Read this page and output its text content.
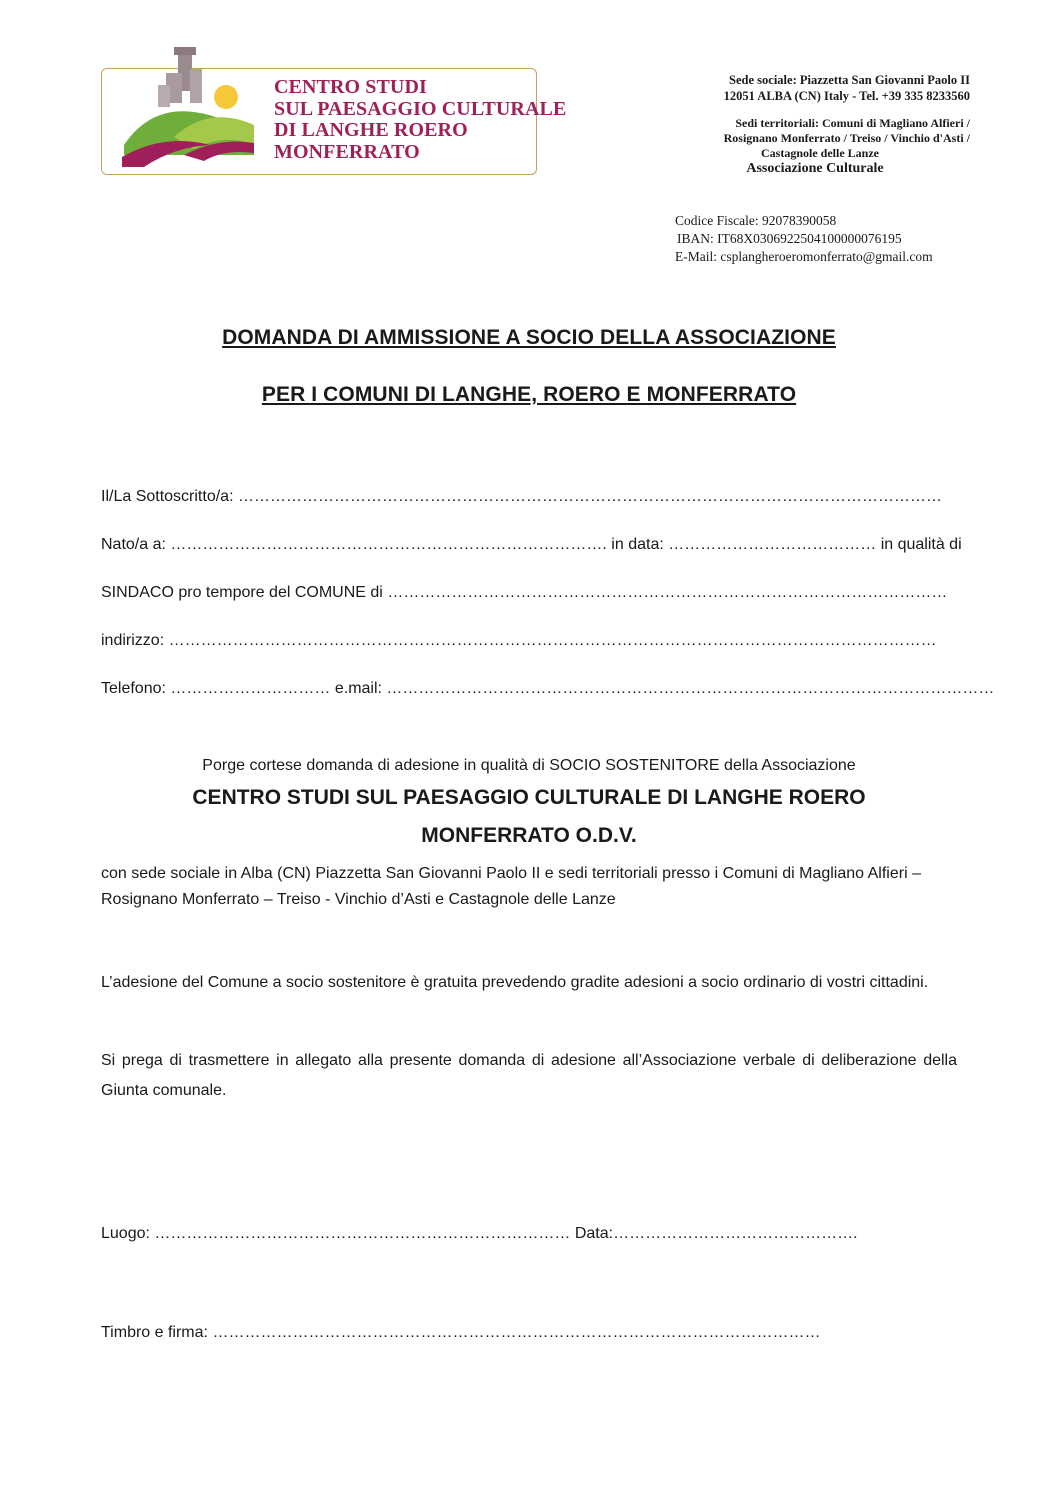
CENTRO STUDI
SUL PAESAGGIO CULTURALE
DI LANGHE ROERO
MONFERRATO
Sede sociale: Piazzetta San Giovanni Paolo II
12051 ALBA (CN) Italy - Tel. +39 335 8233560
Sedi territoriali: Comuni di Magliano Alfieri /
Rosignano Monferrato / Treiso / Vinchio d'Asti /
Castagnole delle Lanze
Associazione Culturale
Codice Fiscale: 92078390058
IBAN: IT68X0306922504100000076195
E-Mail: csplangheroeromonferrato@gmail.com
DOMANDA DI AMMISSIONE A SOCIO DELLA ASSOCIAZIONE
PER I COMUNI DI LANGHE, ROERO E MONFERRATO
Il/La Sottoscritto/a: ……………………………………………………………………………………………………………………
Nato/a a: ………………………………………………………………………. in data: ………………………………… in qualità di
SINDACO pro tempore del COMUNE di ……………………………………………………………………………………………
indirizzo: ………………………………………………………………………………………………………………………………
Telefono: ………………………… e.mail: ……………………………………………………………………………………………………
Porge cortese domanda di adesione in qualità di SOCIO SOSTENITORE della Associazione
CENTRO STUDI SUL PAESAGGIO CULTURALE DI LANGHE ROERO
MONFERRATO O.D.V.
con sede sociale in Alba (CN) Piazzetta San Giovanni Paolo II e sedi territoriali presso i Comuni di Magliano Alfieri – Rosignano Monferrato – Treiso - Vinchio d’Asti e Castagnole delle Lanze
L’adesione del Comune a socio sostenitore è gratuita prevedendo gradite adesioni a socio ordinario di vostri cittadini.
Si prega di trasmettere in allegato alla presente domanda di adesione all’Associazione verbale di deliberazione della Giunta comunale.
Luogo: …………………………………………………………………… Data:……………………………………….
Timbro e firma: ……………………………………………………………………………………………………
